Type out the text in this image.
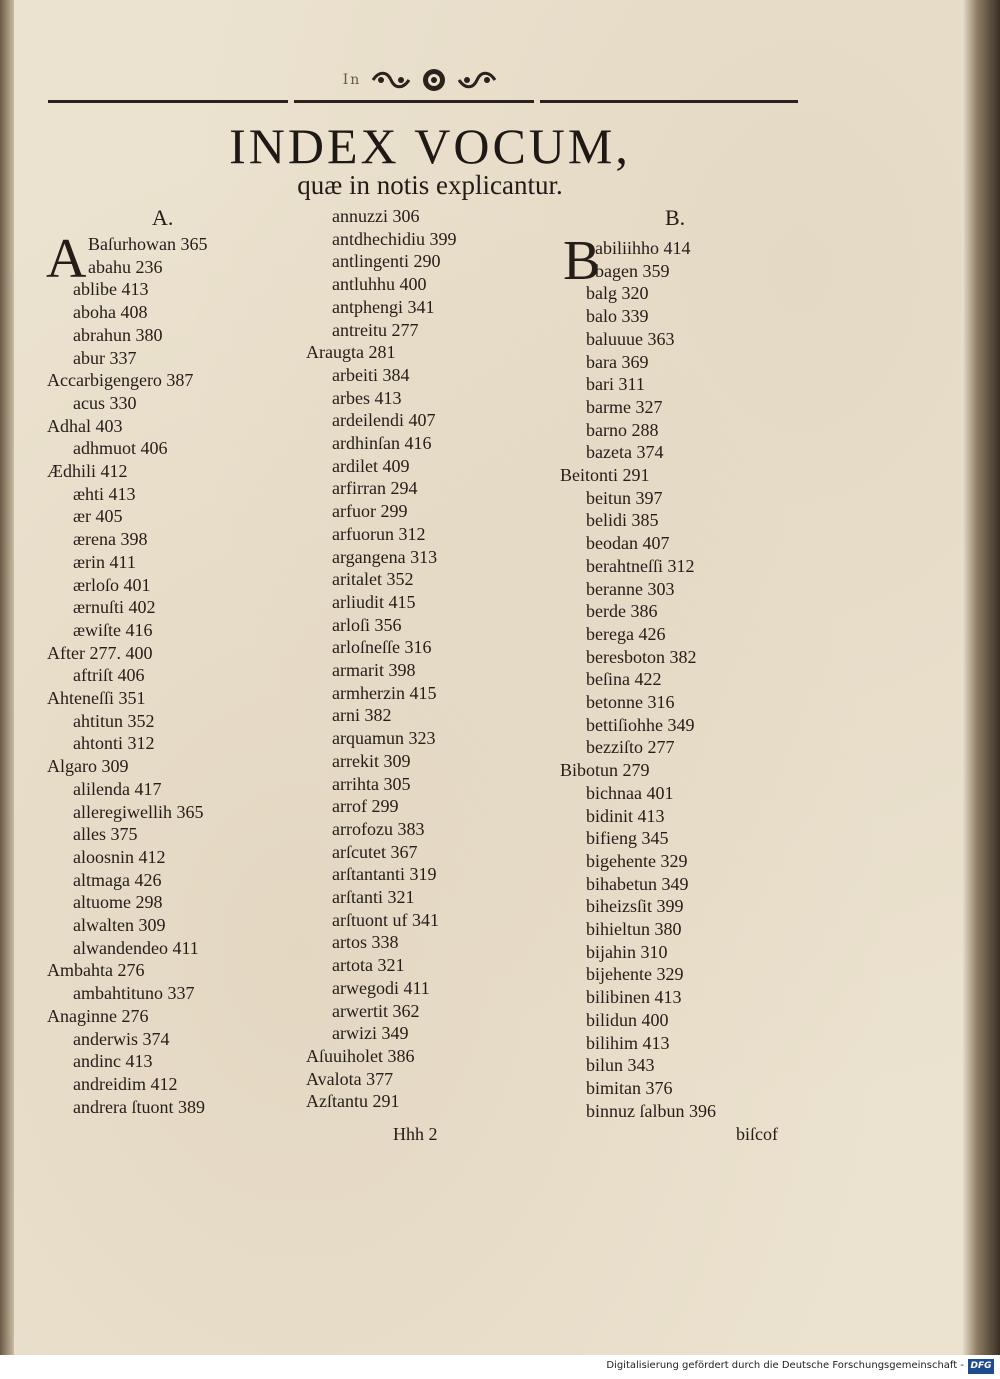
In
INDEX VOCUM,
quæ in notis explicantur.
A.
A Baſurhowan 365
abahu 236
ablibe 413
aboha 408
abrahun 380
abur 337
Accarbigengero 387
acus 330
Adhal 403
adhmuot 406
Ædhili 412
æhti 413
ær 405
ærena 398
ærin 411
ærloſo 401
ærnuſti 402
æwiſte 416
After 277. 400
aftriſt 406
Ahteneſſi 351
ahtitun 352
ahtonti 312
Algaro 309
alilenda 417
alleregiwellih 365
alles 375
aloosnin 412
altmaga 426
altuome 298
alwalten 309
alwandendeo 411
Ambahta 276
ambahtituno 337
Anaginne 276
anderwis 374
andinc 413
andreidim 412
andrera ſtuont 389
annuzzi 306
antdhechidiu 399
antlingenti 290
antluhhu 400
antphengi 341
antreitu 277
Araugta 281
arbeiti 384
arbes 413
ardeilendi 407
ardhinſan 416
ardilet 409
arfirran 294
arfuor 299
arfuorun 312
argangena 313
aritalet 352
arliudit 415
arloſi 356
arloſneſſe 316
armarit 398
armherzin 415
arni 382
arquamun 323
arrekit 309
arrihta 305
arrof 299
arrofozu 383
arſcutet 367
arſtantanti 319
arſtanti 321
arſtuont uf 341
artos 338
artota 321
arwegodi 411
arwertit 362
arwizi 349
Aſuuiholet 386
Avalota 377
Azſtantu 291
B.
B
abiliihho 414
bagen 359
balg 320
balo 339
baluuue 363
bara 369
bari 311
barme 327
barno 288
bazeta 374
Beitonti 291
beitun 397
belidi 385
beodan 407
berahtneſſi 312
beranne 303
berde 386
berega 426
beresboton 382
beſina 422
betonne 316
bettiſiohhe 349
bezziſto 277
Bibotun 279
bichnaa 401
bidinit 413
bifieng 345
bigehente 329
bihabetun 349
biheizsſit 399
bihieltun 380
bijahin 310
bijehente 329
bilibinen 413
bilidun 400
bilihim 413
bilun 343
bimitan 376
binnuz ſalbun 396
Hhh 2	biſcof
Digitalisierung gefördert durch die Deutsche Forschungsgemeinschaft - DFG
